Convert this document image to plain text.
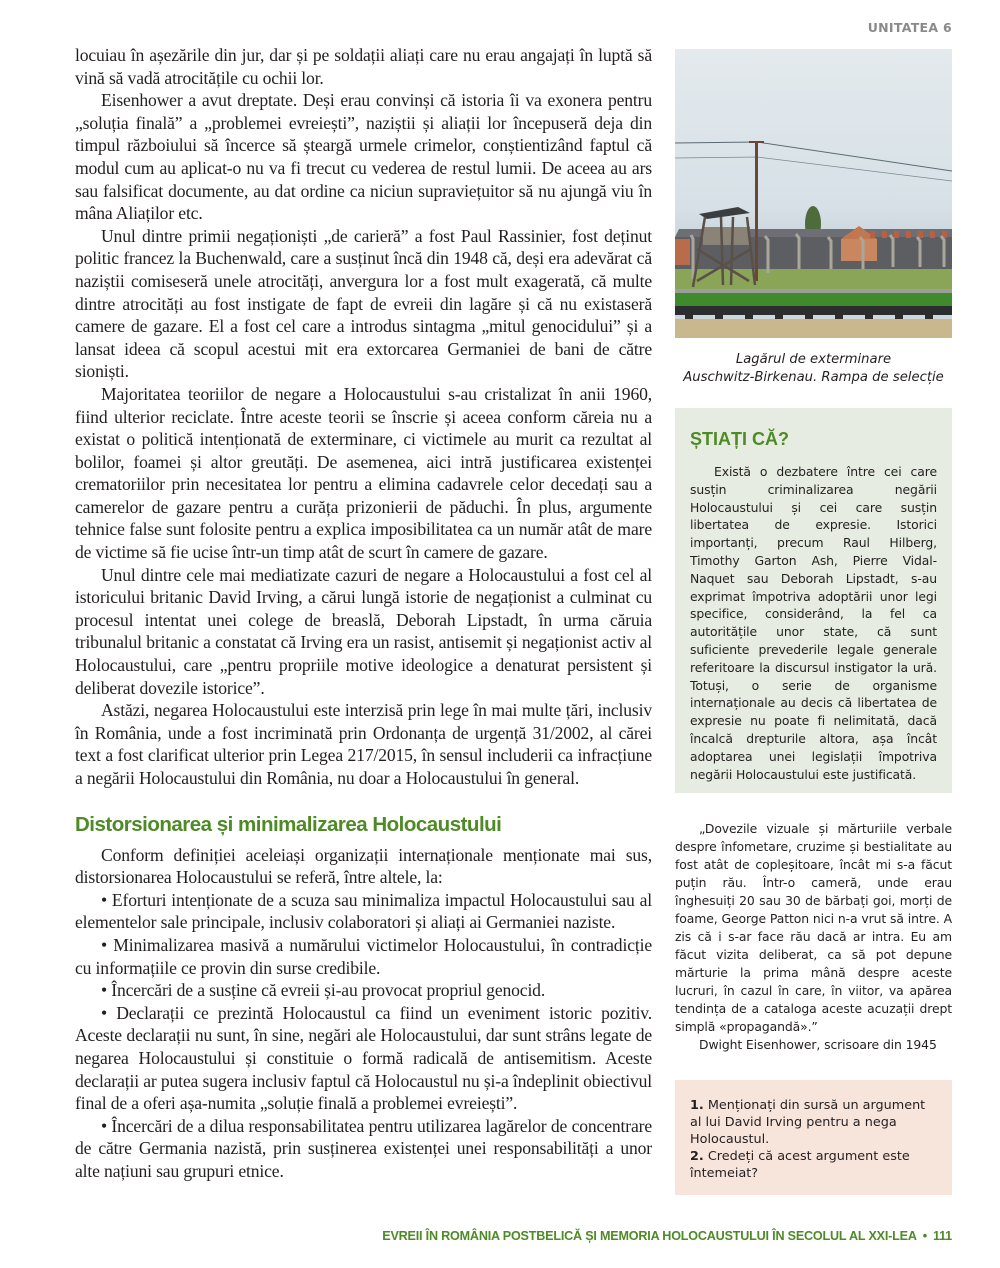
UNITATEA 6

locuiau în așezările din jur, dar și pe soldații aliați care nu erau angajați în luptă să vină să vadă atrocitățile cu ochii lor.

Eisenhower a avut dreptate. Deși erau convinși că istoria îi va exonera pentru „soluția finală” a „problemei evreiești”, naziștii și aliații lor începuseră deja din timpul războiului să încerce să șteargă urmele crimelor, conștientizând faptul că modul cum au aplicat-o nu va fi trecut cu vederea de restul lumii. De aceea au ars sau falsificat documente, au dat ordine ca niciun supraviețuitor să nu ajungă viu în mâna Aliaților etc.

Unul dintre primii negaționiști „de carieră” a fost Paul Rassinier, fost deținut politic francez la Buchenwald, care a susținut încă din 1948 că, deși era adevărat că naziștii comiseseră unele atrocități, anvergura lor a fost mult exagerată, că multe dintre atrocități au fost instigate de fapt de evreii din lagăre și că nu existaseră camere de gazare. El a fost cel care a introdus sintagma „mitul genocidului” și a lansat ideea că scopul acestui mit era extorcarea Germaniei de bani de către sioniști.

Majoritatea teoriilor de negare a Holocaustului s-au cristalizat în anii 1960, fiind ulterior reciclate. Între aceste teorii se înscrie și aceea conform căreia nu a existat o politică intenționată de exterminare, ci victimele au murit ca rezultat al bolilor, foamei și altor greutăți. De asemenea, aici intră justificarea existenței crematoriilor prin necesitatea lor pentru a elimina cadavrele celor decedați sau a camerelor de gazare pentru a curăța prizonierii de păduchi. În plus, argumente tehnice false sunt folosite pentru a explica imposibilitatea ca un număr atât de mare de victime să fie ucise într-un timp atât de scurt în camere de gazare.

Unul dintre cele mai mediatizate cazuri de negare a Holocaustului a fost cel al istoricului britanic David Irving, a cărui lungă istorie de negaționist a culminat cu procesul intentat unei colege de breaslă, Deborah Lipstadt, în urma căruia tribunalul britanic a constatat că Irving era un rasist, antisemit și negaționist activ al Holocaustului, care „pentru propriile motive ideologice a denaturat persistent și deliberat dovezile istorice”.

Astăzi, negarea Holocaustului este interzisă prin lege în mai multe țări, inclusiv în România, unde a fost incriminată prin Ordonanța de urgență 31/2002, al cărei text a fost clarificat ulterior prin Legea 217/2015, în sensul includerii ca infracțiune a negării Holocaustului din România, nu doar a Holocaustului în general.

Distorsionarea și minimalizarea Holocaustului

Conform definiției aceleiași organizații internaționale menționate mai sus, distorsionarea Holocaustului se referă, între altele, la:

• Eforturi intenționate de a scuza sau minimaliza impactul Holocaustului sau al elementelor sale principale, inclusiv colaboratori și aliați ai Germaniei naziste.

• Minimalizarea masivă a numărului victimelor Holocaustului, în contradicție cu informațiile ce provin din surse credibile.

• Încercări de a susține că evreii și-au provocat propriul genocid.

• Declarații ce prezintă Holocaustul ca fiind un eveniment istoric pozitiv. Aceste declarații nu sunt, în sine, negări ale Holocaustului, dar sunt strâns legate de negarea Holocaustului și constituie o formă radicală de antisemitism. Aceste declarații ar putea sugera inclusiv faptul că Holocaustul nu și-a îndeplinit obiectivul final de a oferi așa-numita „soluție finală a problemei evreiești”.

• Încercări de a dilua responsabilitatea pentru utilizarea lagărelor de concentrare de către Germania nazistă, prin susținerea existenței unei responsabilități a unor alte națiuni sau grupuri etnice.

Lagărul de exterminare
Auschwitz-Birkenau. Rampa de selecție
ȘTIAȚI CĂ?

Există o dezbatere între cei care susțin criminalizarea negării Holocaustului și cei care susțin libertatea de expresie. Istorici importanți, precum Raul Hilberg, Timothy Garton Ash, Pierre Vidal-Naquet sau Deborah Lipstadt, s-au exprimat împotriva adoptării unor legi specifice, considerând, la fel ca autoritățile unor state, că sunt suficiente prevederile legale generale referitoare la discursul instigator la ură. Totuși, o serie de organisme internaționale au decis că libertatea de expresie nu poate fi nelimitată, dacă încalcă drepturile altora, așa încât adoptarea unei legislații împotriva negării Holocaustului este justificată.

„Dovezile vizuale și mărturiile verbale despre înfometare, cruzime și bestialitate au fost atât de copleșitoare, încât mi s-a făcut puțin rău. Într-o cameră, unde erau înghesuiți 20 sau 30 de bărbați goi, morți de foame, George Patton nici n-a vrut să intre. A zis că i s-ar face rău dacă ar intra. Eu am făcut vizita deliberat, ca să pot depune mărturie la prima mână despre aceste lucruri, în cazul în care, în viitor, va apărea tendința de a cataloga aceste acuzații drept simplă «propagandă».”

Dwight Eisenhower, scrisoare din 1945

1. Menționați din sursă un argument al lui David Irving pentru a nega Holocaustul.
2. Credeți că acest argument este întemeiat?
EVREII ÎN ROMÂNIA POSTBELICĂ ȘI MEMORIA HOLOCAUSTULUI ÎN SECOLUL AL XXI-LEA • 111
